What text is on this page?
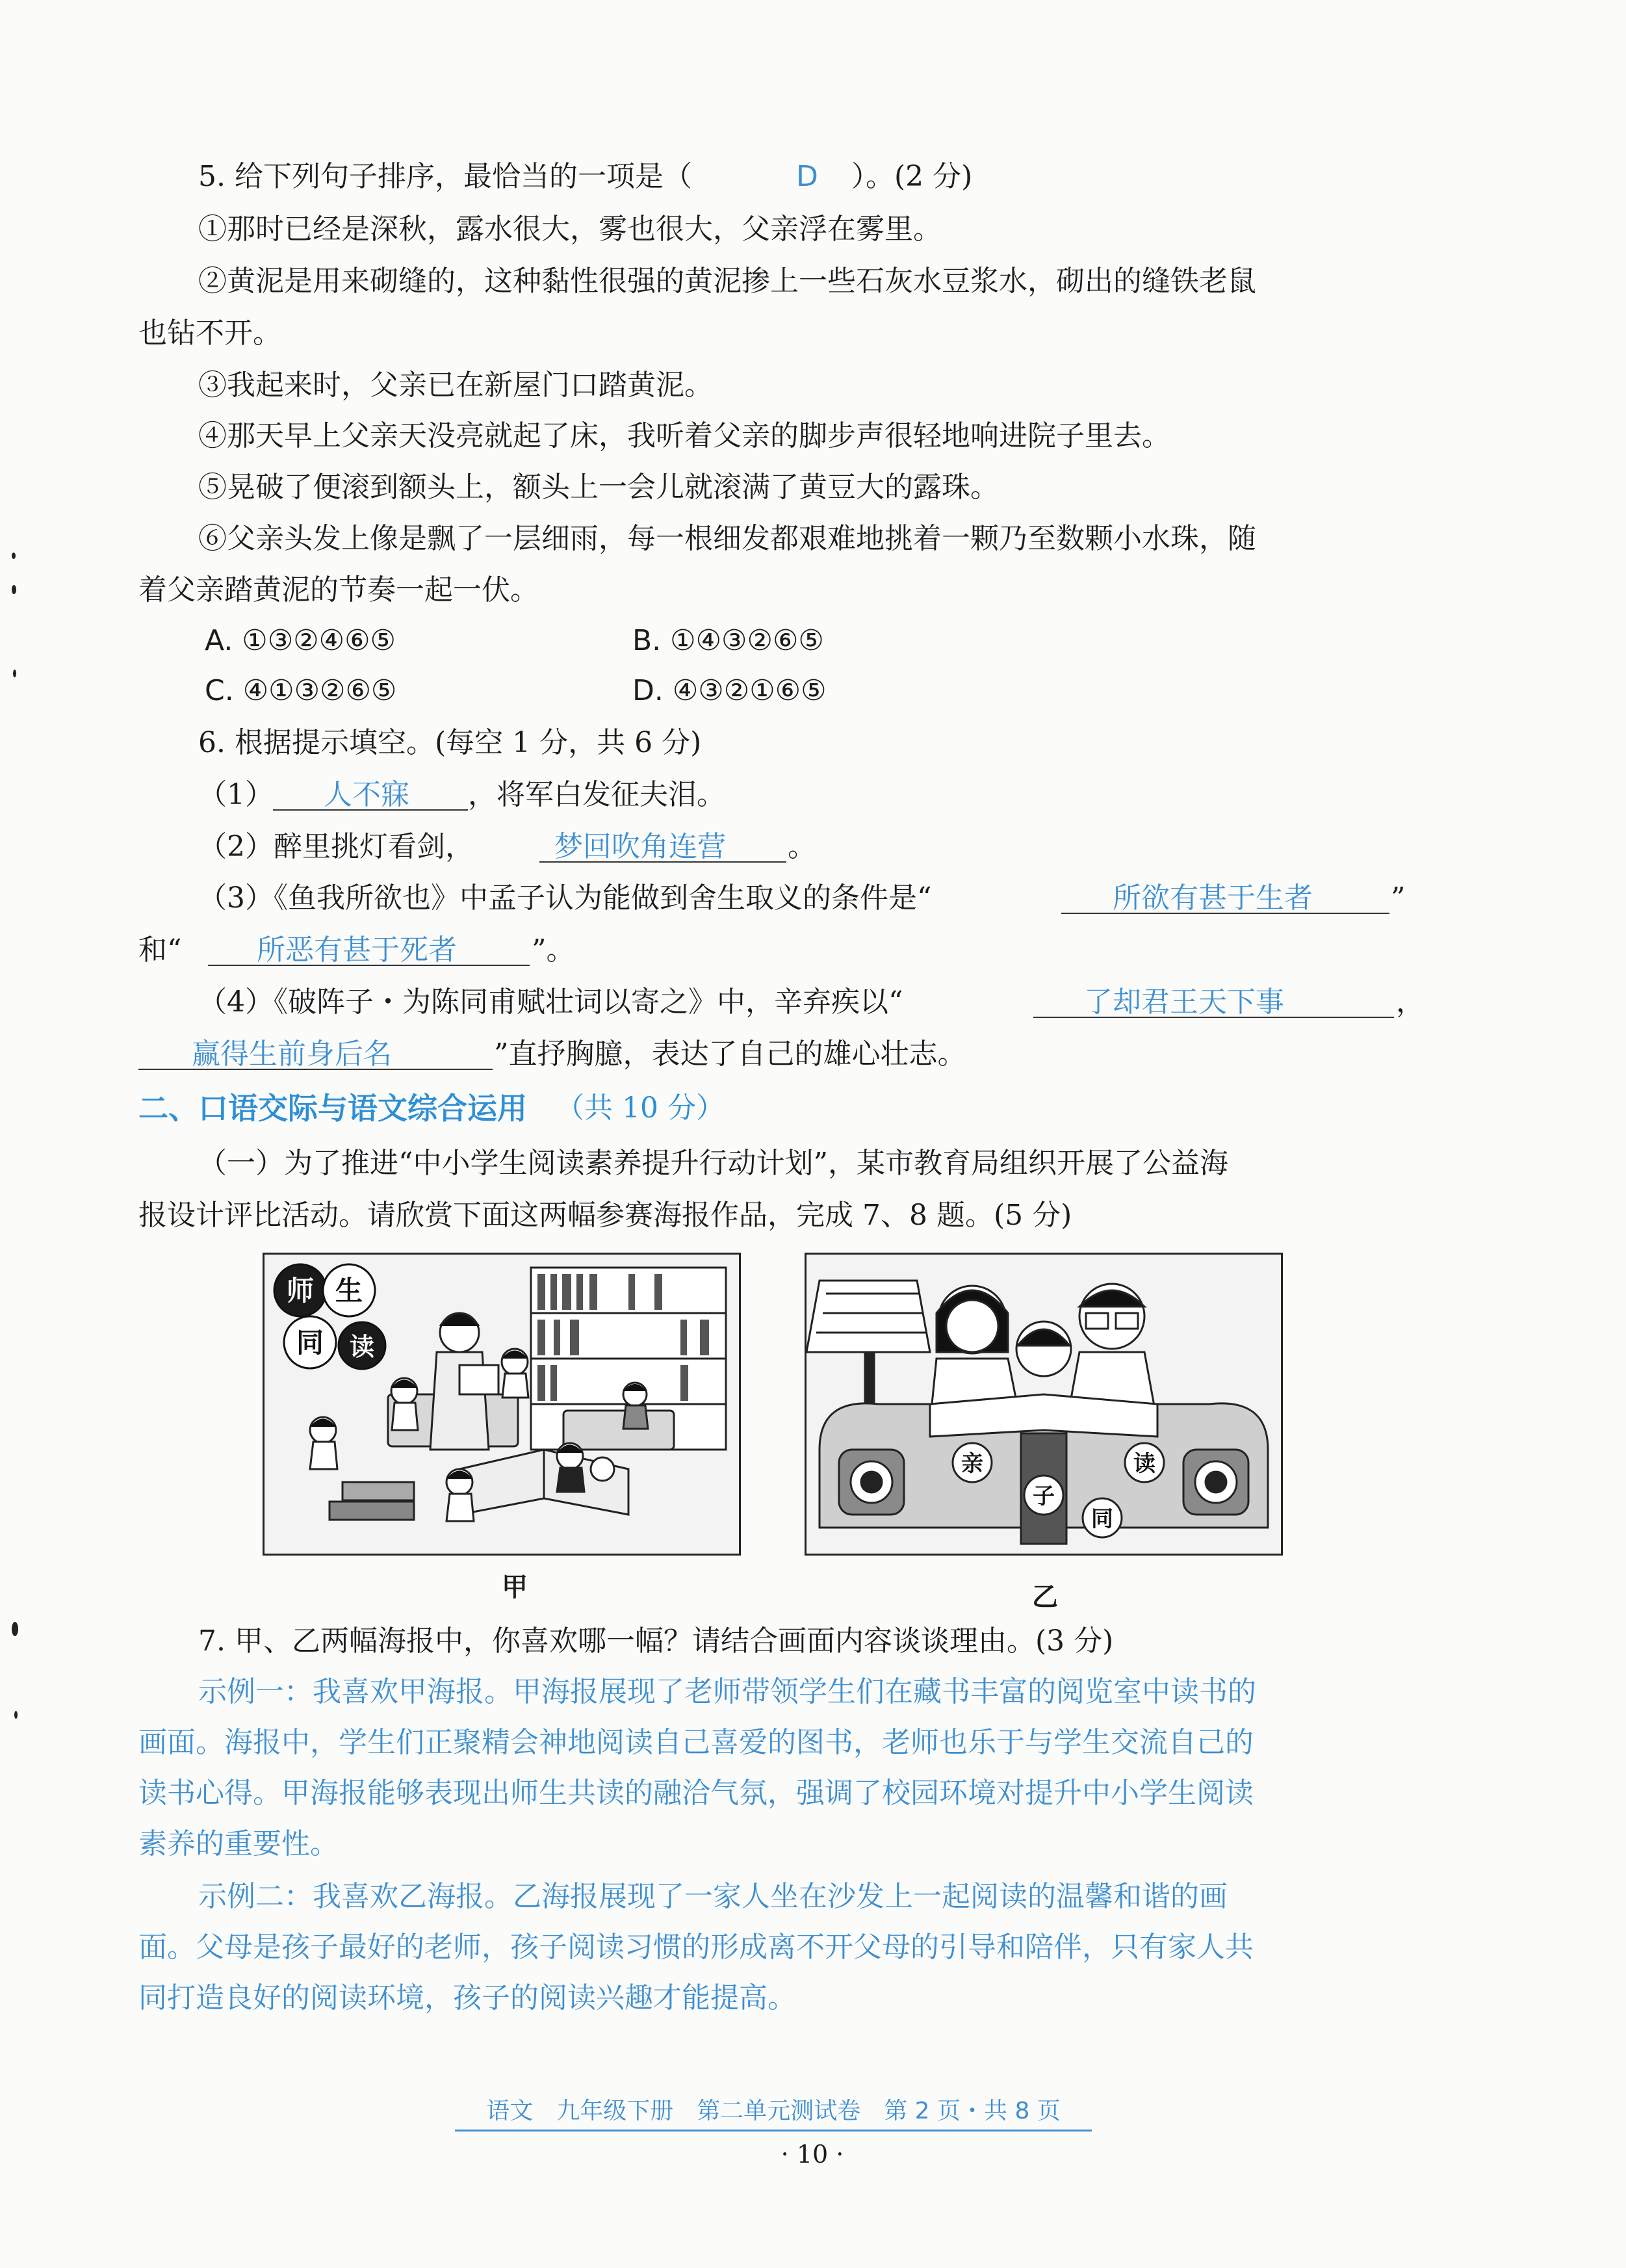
5. 给下列句子排序，最恰当的一项是（	D ）。(2 分)
①那时已经是深秋，露水很大，雾也很大，父亲浮在雾里。
②黄泥是用来砌缝的，这种黏性很强的黄泥掺上一些石灰水豆浆水，砌出的缝铁老鼠
也钻不开。
③我起来时，父亲已在新屋门口踏黄泥。
④那天早上父亲天没亮就起了床，我听着父亲的脚步声很轻地响进院子里去。
⑤晃破了便滚到额头上，额头上一会儿就滚满了黄豆大的露珠。
⑥父亲头发上像是飘了一层细雨，每一根细发都艰难地挑着一颗乃至数颗小水珠，随
着父亲踏黄泥的节奏一起一伏。
A. ①③②④⑥⑤	B. ①④③②⑥⑤
C. ④①③②⑥⑤	D. ④③②①⑥⑤
6. 根据提示填空。(每空 1 分，共 6 分)
（1） 人不寐 ，将军白发征夫泪。
（2）醉里挑灯看剑，	梦回吹角连营 。
（3）《鱼我所欲也》中孟子认为能做到舍生取义的条件是“	所欲有甚于生者	”
和“	所恶有甚于死者	”。
（4）《破阵子・为陈同甫赋壮词以寄之》中，辛弃疾以“	了却君王天下事	，
赢得生前身后名	”直抒胸臆，表达了自己的雄心壮志。
二、口语交际与语文综合运用 （共 10 分）
（一）为了推进“中小学生阅读素养提升行动计划”，某市教育局组织开展了公益海
报设计评比活动。请欣赏下面这两幅参赛海报作品，完成 7、8 题。(5 分)
师 生
同 读
甲
亲
子
同
读
乙
7. 甲、乙两幅海报中，你喜欢哪一幅？请结合画面内容谈谈理由。(3 分)
示例一：我喜欢甲海报。甲海报展现了老师带领学生们在藏书丰富的阅览室中读书的
画面。海报中，学生们正聚精会神地阅读自己喜爱的图书，老师也乐于与学生交流自己的
读书心得。甲海报能够表现出师生共读的融洽气氛，强调了校园环境对提升中小学生阅读
素养的重要性。
示例二：我喜欢乙海报。乙海报展现了一家人坐在沙发上一起阅读的温馨和谐的画
面。父母是孩子最好的老师，孩子阅读习惯的形成离不开父母的引导和陪伴，只有家人共
同打造良好的阅读环境，孩子的阅读兴趣才能提高。
语文　九年级下册　第二单元测试卷　第 2 页・共 8 页
· 10 ·
